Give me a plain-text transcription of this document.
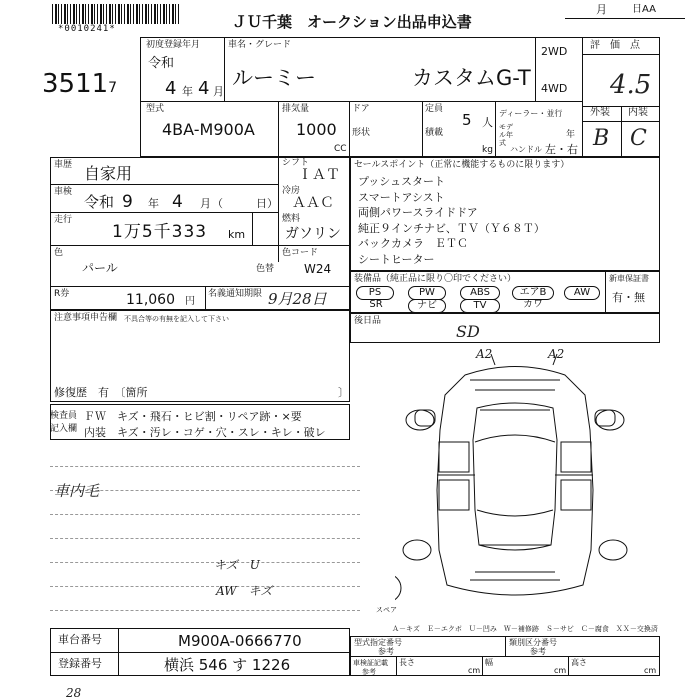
*0010241*	ＪＵ千葉　オークション出品申込書
月	日AA
35117
初度登録年月
令和
4 年 4 月
車名・グレード
ルーミー	カスタムG-T
2WD
4WD
評　価　点
4.5
外装 内装
B C
型式
4BA-M900A
排気量
1000
CC
ドア
形状
定員
5 人
積載
kg
ディーラー・並行
モデル年式
年
ハンドル 左・右
車歴 自家用
車検
令和 9 年 4 月 （　　　日）
走行
1万5千333 km
シフト
ＩＡＴ
冷房
ＡＡＣ
燃料
ガソリン
色
パール	色替
色コード
W24
R券	11,060 円
名義通知期限 9月28日
注意事項申告欄 不具合等の有無を記入して下さい
修復歴　有　〔箇所	〕
検査員
記入欄
ＦＷ　キズ・飛石・ヒビ割・リペア跡・×要
内装　キズ・汚レ・コゲ・穴・スレ・キレ・破レ
車内毛
キズ　U
AW　キズ
セールスポイント（正常に機能するものに限ります）
プッシュスタート
スマートアシスト
両側パワースライドドア
純正９インチナビ、ＴＶ（Ｙ６８Ｔ）
バックカメラ　ＥＴＣ
シートヒーター
装備品（純正品に限り〇印でください）	新車保証書
有・無
PS	PW	ABS	エアB	AW
SR	ナビ	TV	カワ
後日品
SD
A2	A2
スペア
Ａ－キズ　Ｅ－エクボ　Ｕ－凹み　Ｗ－補修跡　Ｓ－サビ　Ｃ－腐食　ＸＸ－交換済
車台番号	M900A-0666770
登録番号	横浜 546 す 1226
型式指定番号
参考
類別区分番号
参考
車検証記載
参考
長さ
cm
幅
cm
高さ
cm
28
